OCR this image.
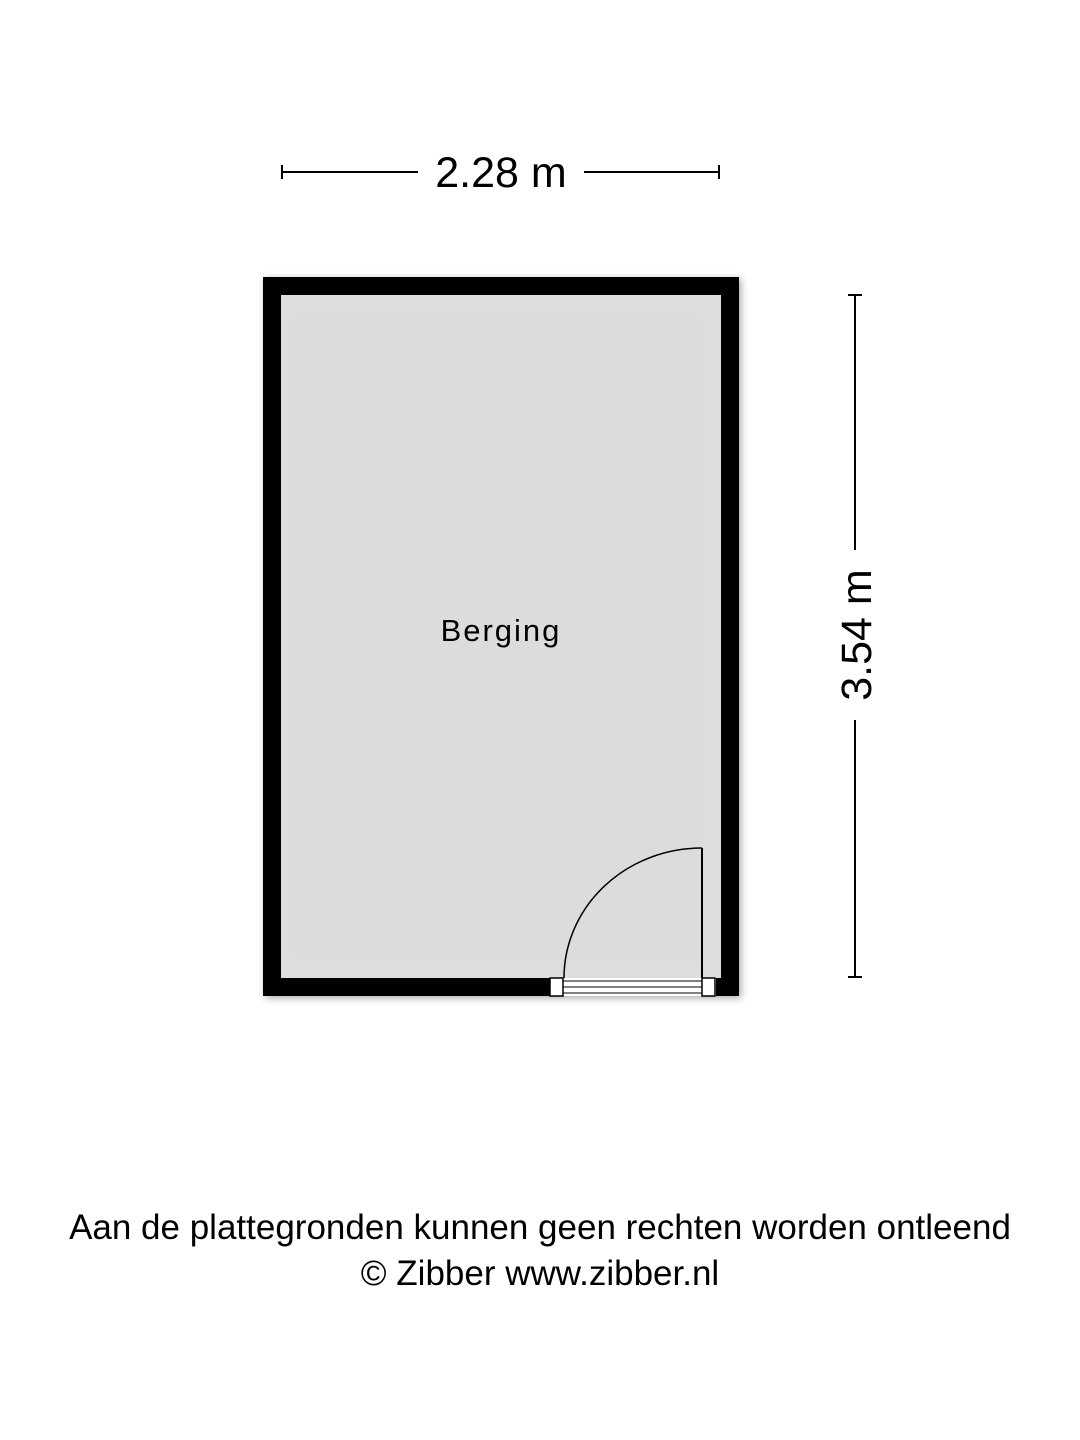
2.28 m
3.54 m
Berging
Aan de plattegronden kunnen geen rechten worden ontleend
© Zibber www.zibber.nl
